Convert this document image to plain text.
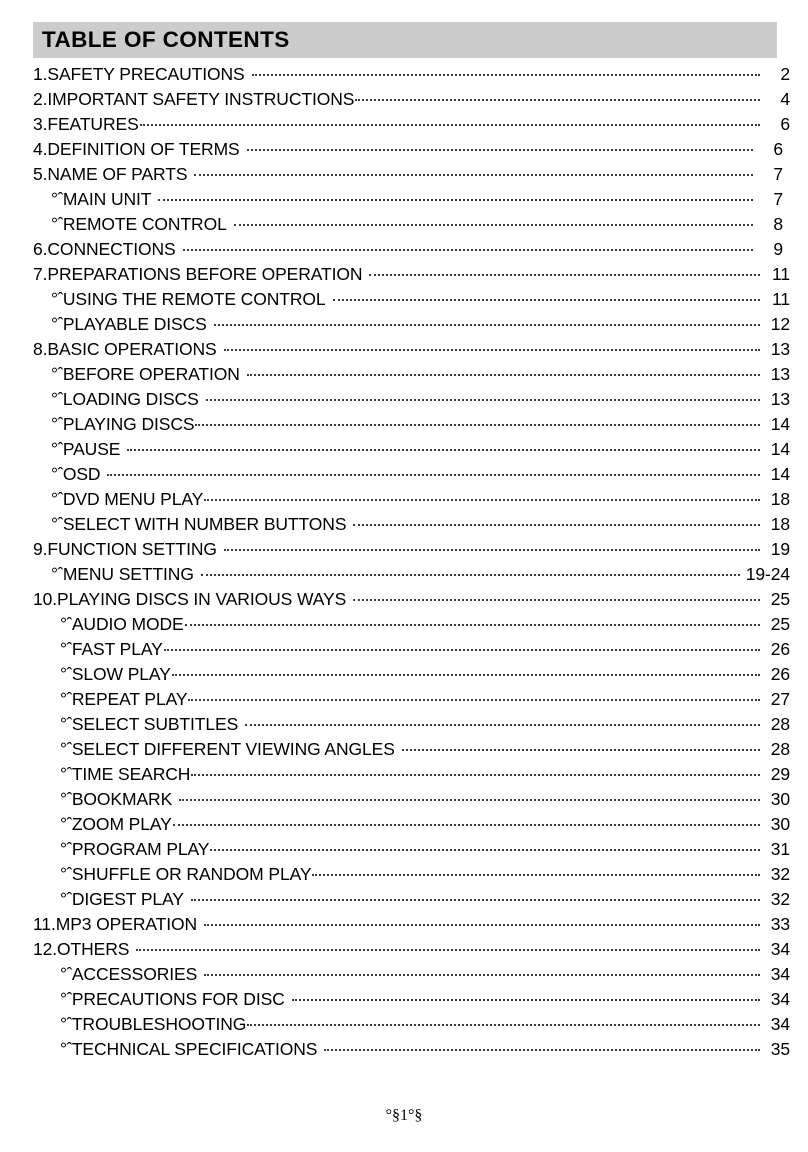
TABLE OF CONTENTS
1.SAFETY PRECAUTIONS	2
2.IMPORTANT SAFETY INSTRUCTIONS	4
3.FEATURES	6
4.DEFINITION OF TERMS	6
5.NAME OF PARTS	7
°ˆ MAIN UNIT	7
°ˆ REMOTE CONTROL	8
6.CONNECTIONS	9
7.PREPARATIONS BEFORE OPERATION	11
°ˆ USING THE REMOTE CONTROL	11
°ˆ PLAYABLE DISCS	12
8.BASIC OPERATIONS	13
°ˆ BEFORE OPERATION	13
°ˆ LOADING DISCS	13
°ˆ PLAYING DISCS	14
°ˆ PAUSE	14
°ˆ OSD	14
°ˆ DVD MENU PLAY	18
°ˆ SELECT WITH NUMBER BUTTONS	18
9.FUNCTION SETTING	19
°ˆ MENU SETTING	19-24
10.PLAYING DISCS IN VARIOUS WAYS	25
°ˆ AUDIO MODE	25
°ˆ FAST PLAY	26
°ˆ SLOW PLAY	26
°ˆ REPEAT PLAY	27
°ˆ SELECT SUBTITLES	28
°ˆ SELECT DIFFERENT VIEWING ANGLES	28
°ˆ TIME SEARCH	29
°ˆ BOOKMARK	30
°ˆ ZOOM PLAY	30
°ˆ PROGRAM PLAY	31
°ˆ SHUFFLE OR RANDOM PLAY	32
°ˆ DIGEST PLAY	32
11.MP3 OPERATION	33
12.OTHERS	34
°ˆ ACCESSORIES	34
°ˆ PRECAUTIONS FOR DISC	34
°ˆ TROUBLESHOOTING	34
°ˆ TECHNICAL SPECIFICATIONS	35
°§1°§
